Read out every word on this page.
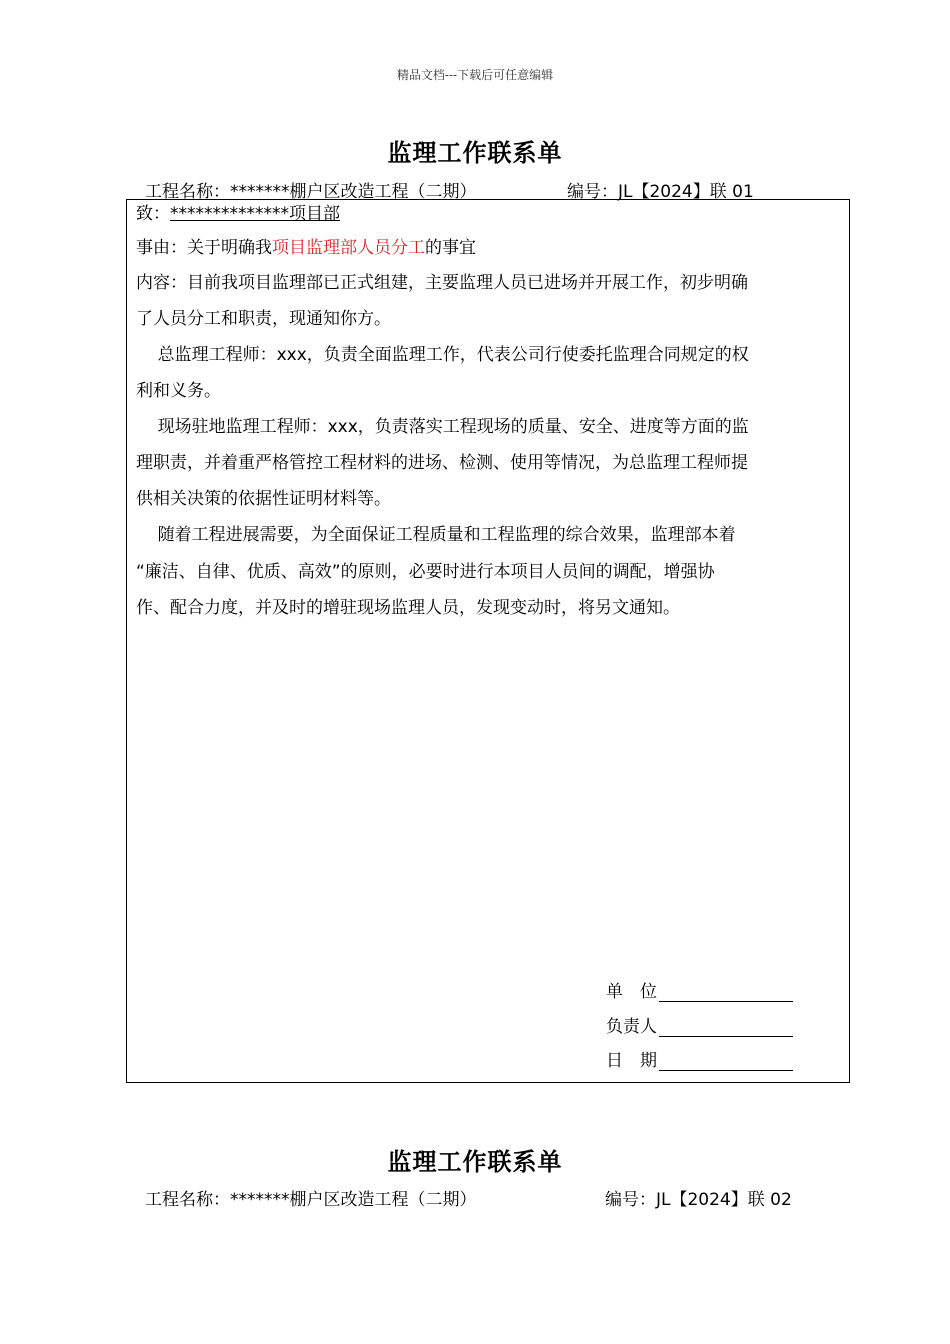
精品文档---下载后可任意编辑
监理工作联系单
工程名称：*******棚户区改造工程（二期）	编号：JL【2024】联 01
致：**************项目部
事由：关于明确我项目监理部人员分工的事宜
内容：目前我项目监理部已正式组建，主要监理人员已进场并开展工作，初步明确
了人员分工和职责，现通知你方。
总监理工程师：xxx，负责全面监理工作，代表公司行使委托监理合同规定的权
利和义务。
现场驻地监理工程师：xxx，负责落实工程现场的质量、安全、进度等方面的监
理职责，并着重严格管控工程材料的进场、检测、使用等情况，为总监理工程师提
供相关决策的依据性证明材料等。
随着工程进展需要，为全面保证工程质量和工程监理的综合效果，监理部本着
“廉洁、自律、优质、高效”的原则，必要时进行本项目人员间的调配，增强协
作、配合力度，并及时的增驻现场监理人员，发现变动时，将另文通知。
单　位
负责人
日　期
监理工作联系单
工程名称：*******棚户区改造工程（二期）	编号：JL【2024】联 02
